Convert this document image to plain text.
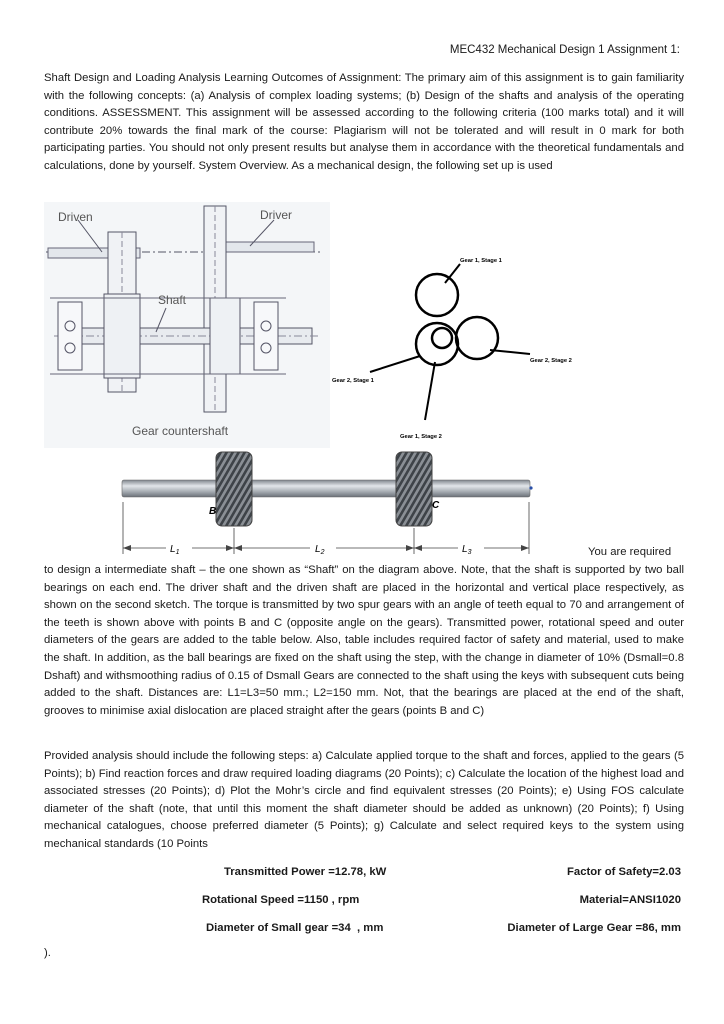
MEC432 Mechanical Design 1 Assignment 1:

Shaft Design and Loading Analysis Learning Outcomes of Assignment: The primary aim of this assignment is to gain familiarity with the following concepts: (a) Analysis of complex loading systems; (b) Design of the shafts and analysis of the operating conditions. ASSESSMENT. This assignment will be assessed according to the following criteria (100 marks total) and it will contribute 20% towards the final mark of the course: Plagiarism will not be tolerated and will result in 0 mark for both participating parties. You should not only present results but analyse them in accordance with the theoretical fundamentals and calculations, done by yourself. System Overview. As a mechanical design, the following set up is used

Driven	Driver
Shaft
Gear countershaft
Gear 1, Stage 1
Gear 2, Stage 2
Gear 2, Stage 1
Gear 1, Stage 2
B
C
$L_1$	$L_2$	$L_3$	You are required

to design a intermediate shaft – the one shown as “Shaft” on the diagram above. Note, that the shaft is supported by two ball bearings on each end. The driver shaft and the driven shaft are placed in the horizontal and vertical place respectively, as shown on the second sketch. The torque is transmitted by two spur gears with an angle of teeth equal to 70 and arrangement of the teeth is shown above with points B and C (opposite angle on the gears). Transmitted power, rotational speed and outer diameters of the gears are added to the table below. Also, table includes required factor of safety and material, used to make the shaft. In addition, as the ball bearings are fixed on the shaft using the step, with the change in diameter of 10% (Dsmall=0.8 Dshaft) and withsmoothing radius of 0.15 of Dsmall Gears are connected to the shaft using the keys with subsequent cuts being added to the shaft. Distances are: L1=L3=50 mm.; L2=150 mm. Not, that the bearings are placed at the end of the shaft, grooves to minimise axial dislocation are placed straight after the gears (points B and C)

Provided analysis should include the following steps: a) Calculate applied torque to the shaft and forces, applied to the gears (5 Points); b) Find reaction forces and draw required loading diagrams (20 Points); c) Calculate the location of the highest load and associated stresses (20 Points); d) Plot the Mohr’s circle and find equivalent stresses (20 Points); e) Using FOS calculate diameter of the shaft (note, that until this moment the shaft diameter should be added as unknown) (20 Points); f) Using mechanical catalogues, choose preferred diameter (5 Points); g) Calculate and select required keys to the system using mechanical standards (10 Points

Transmitted Power =12.78, kW	Factor of Safety=2.03
Rotational Speed =1150 , rpm	Material=ANSI1020
Diameter of Small gear =34  , mm	Diameter of Large Gear =86, mm
).
